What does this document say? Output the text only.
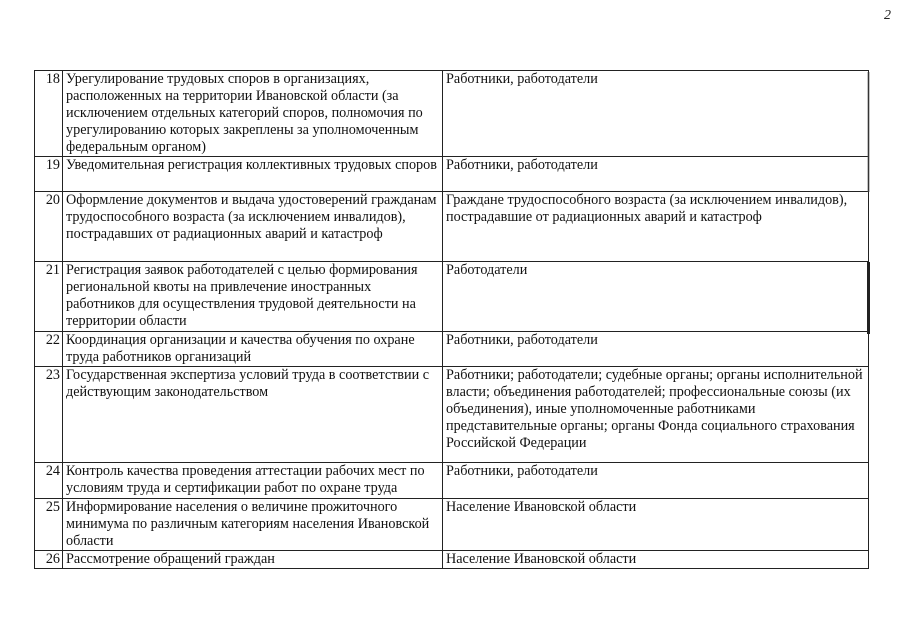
2
18	Урегулирование трудовых споров в организациях, расположенных на территории Ивановской области (за исключением отдельных категорий споров, полномочия по урегулированию которых закреплены за уполномоченным федеральным органом)	Работники, работодатели
19	Уведомительная регистрация коллективных трудовых споров	Работники, работодатели
20	Оформление документов и выдача удостоверений гражданам трудоспособного возраста (за исключением инвалидов), пострадавших от радиационных аварий и катастроф	Граждане трудоспособного возраста (за исключением инвалидов), пострадавшие от радиационных аварий и катастроф
21	Регистрация заявок работодателей с целью формирования региональной квоты на привлечение иностранных работников для осуществления трудовой деятельности на территории области	Работодатели
22	Координация организации и качества обучения по охране труда работников организаций	Работники, работодатели
23	Государственная экспертиза условий труда в соответствии с действующим законодательством	Работники; работодатели; судебные органы; органы исполнительной власти; объединения работодателей; профессиональные союзы (их объединения), иные уполномоченные работниками представительные органы; органы Фонда социального страхования Российской Федерации
24	Контроль качества проведения аттестации рабочих мест по условиям труда и сертификации работ по охране труда	Работники, работодатели
25	Информирование населения о величине прожиточного минимума по различным категориям населения Ивановской области	Население Ивановской области
26	Рассмотрение обращений граждан	Население Ивановской области
